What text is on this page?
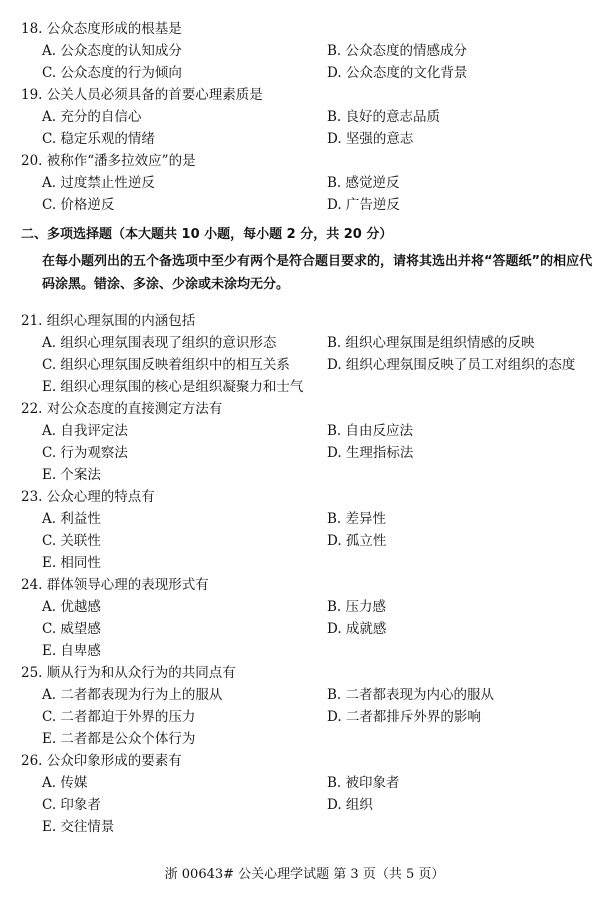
18. 公众态度形成的根基是
A. 公众态度的认知成分	B. 公众态度的情感成分
C. 公众态度的行为倾向	D. 公众态度的文化背景
19. 公关人员必须具备的首要心理素质是
A. 充分的自信心	B. 良好的意志品质
C. 稳定乐观的情绪	D. 坚强的意志
20. 被称作“潘多拉效应”的是
A. 过度禁止性逆反	B. 感觉逆反
C. 价格逆反	D. 广告逆反
二、多项选择题（本大题共 10 小题，每小题 2 分，共 20 分）
在每小题列出的五个备选项中至少有两个是符合题目要求的，请将其选出并将“答题纸”的相应代码涂黑。错涂、多涂、少涂或未涂均无分。
21. 组织心理氛围的内涵包括
A. 组织心理氛围表现了组织的意识形态	B. 组织心理氛围是组织情感的反映
C. 组织心理氛围反映着组织中的相互关系	D. 组织心理氛围反映了员工对组织的态度
E. 组织心理氛围的核心是组织凝聚力和士气
22. 对公众态度的直接测定方法有
A. 自我评定法	B. 自由反应法
C. 行为观察法	D. 生理指标法
E. 个案法
23. 公众心理的特点有
A. 利益性	B. 差异性
C. 关联性	D. 孤立性
E. 相同性
24. 群体领导心理的表现形式有
A. 优越感	B. 压力感
C. 威望感	D. 成就感
E. 自卑感
25. 顺从行为和从众行为的共同点有
A. 二者都表现为行为上的服从	B. 二者都表现为内心的服从
C. 二者都迫于外界的压力	D. 二者都排斥外界的影响
E. 二者都是公众个体行为
26. 公众印象形成的要素有
A. 传媒	B. 被印象者
C. 印象者	D. 组织
E. 交往情景
浙 00643# 公关心理学试题 第 3 页（共 5 页）
